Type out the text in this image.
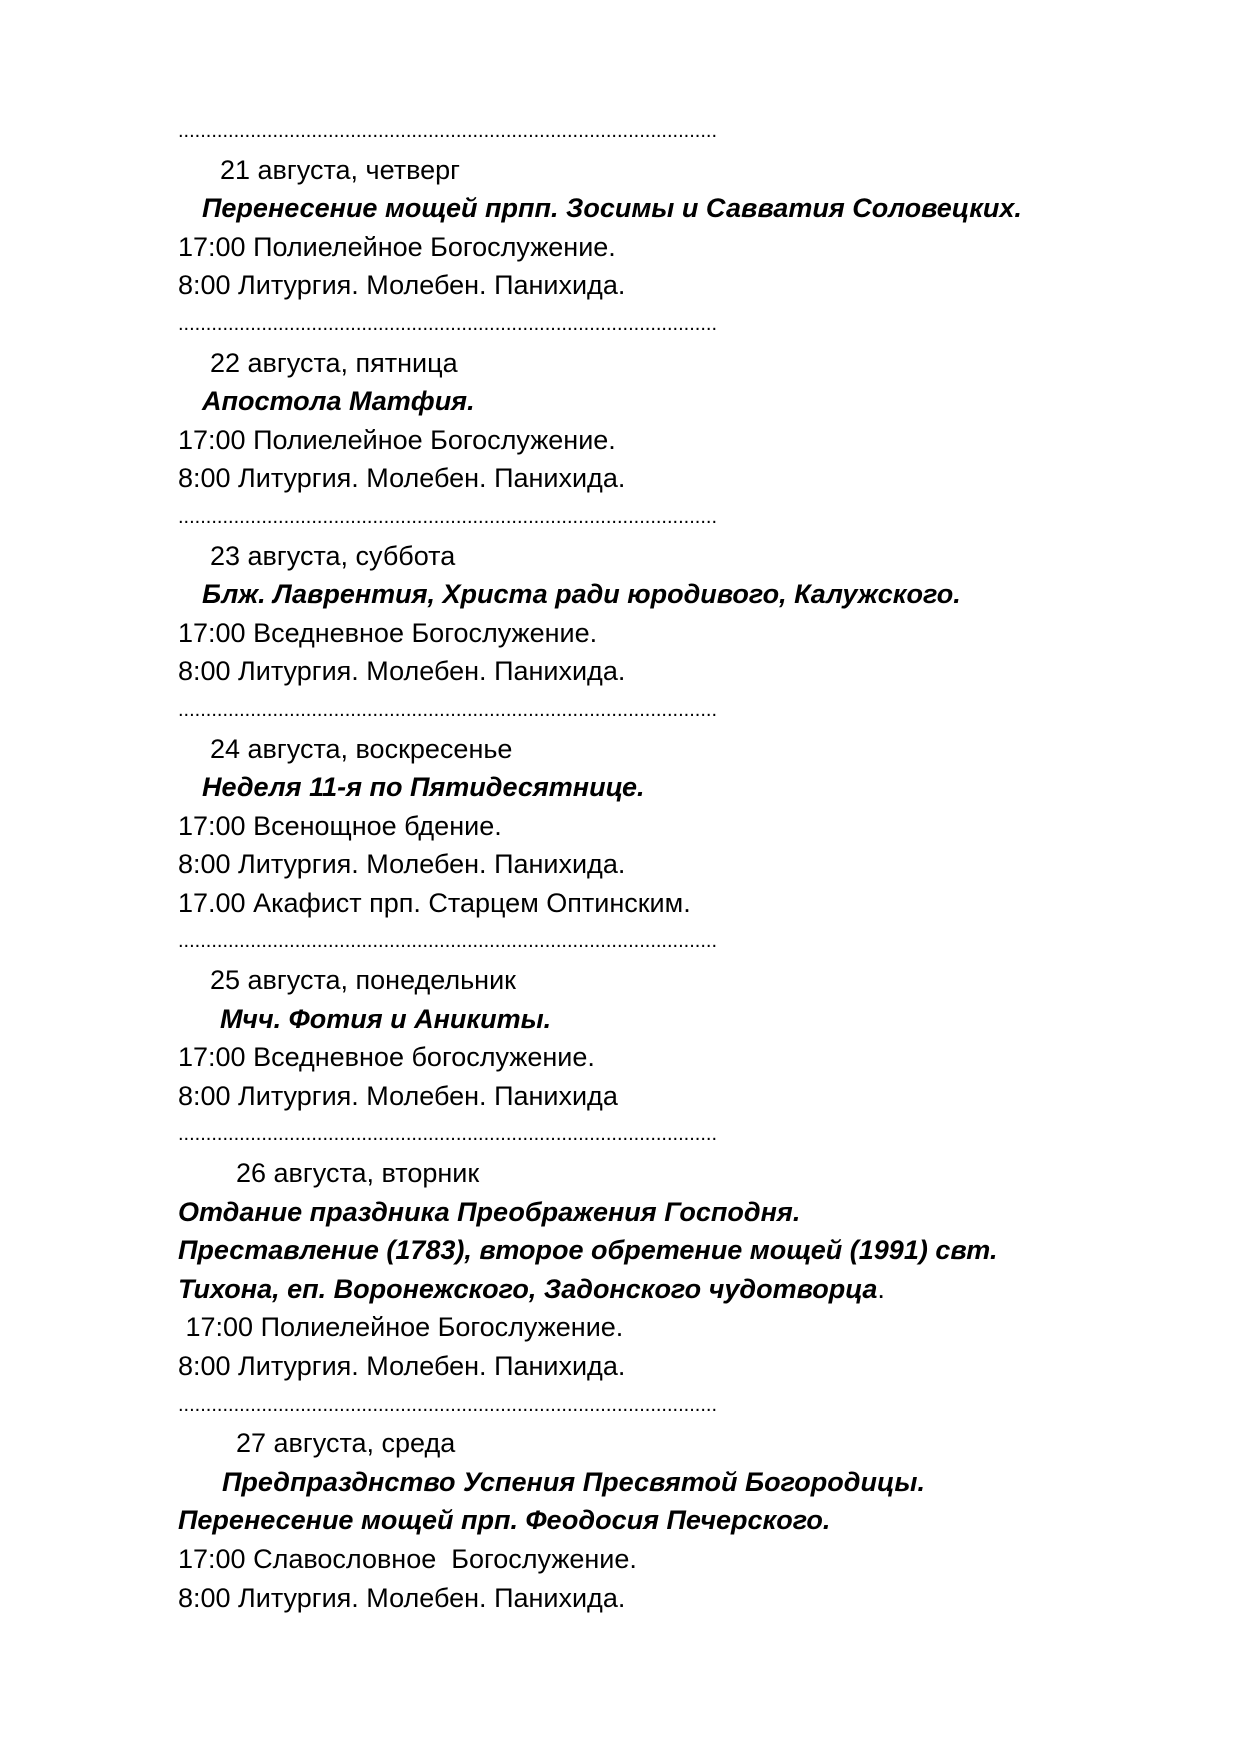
.................................................................................................
21 августа, четверг
Перенесение мощей прпп. Зосимы и Савватия Соловецких.
17:00 Полиелейное Богослужение.
8:00 Литургия. Молебен. Панихида.
.................................................................................................
22 августа, пятница
Апостола Матфия.
17:00 Полиелейное Богослужение.
8:00 Литургия. Молебен. Панихида.
.................................................................................................
23 августа, суббота
Блж. Лаврентия, Христа ради юродивого, Калужского.
17:00 Вседневное Богослужение.
8:00 Литургия. Молебен. Панихида.
.................................................................................................
24 августа, воскресенье
Неделя 11-я по Пятидесятнице.
17:00 Всенощное бдение.
8:00 Литургия. Молебен. Панихида.
17.00 Акафист прп. Старцем Оптинским.
.................................................................................................
25 августа, понедельник
Мчч. Фотия и Аникиты.
17:00 Вседневное богослужение.
8:00 Литургия. Молебен. Панихида
.................................................................................................
26 августа, вторник
Отдание праздника Преображения Господня.
Преставление (1783), второе обретение мощей (1991) свт.
Тихона, еп. Воронежского, Задонского чудотворца.
17:00 Полиелейное Богослужение.
8:00 Литургия. Молебен. Панихида.
.................................................................................................
27 августа, среда
Предпразднство Успения Пресвятой Богородицы.
Перенесение мощей прп. Феодосия Печерского.
17:00 Славословное  Богослужение.
8:00 Литургия. Молебен. Панихида.
